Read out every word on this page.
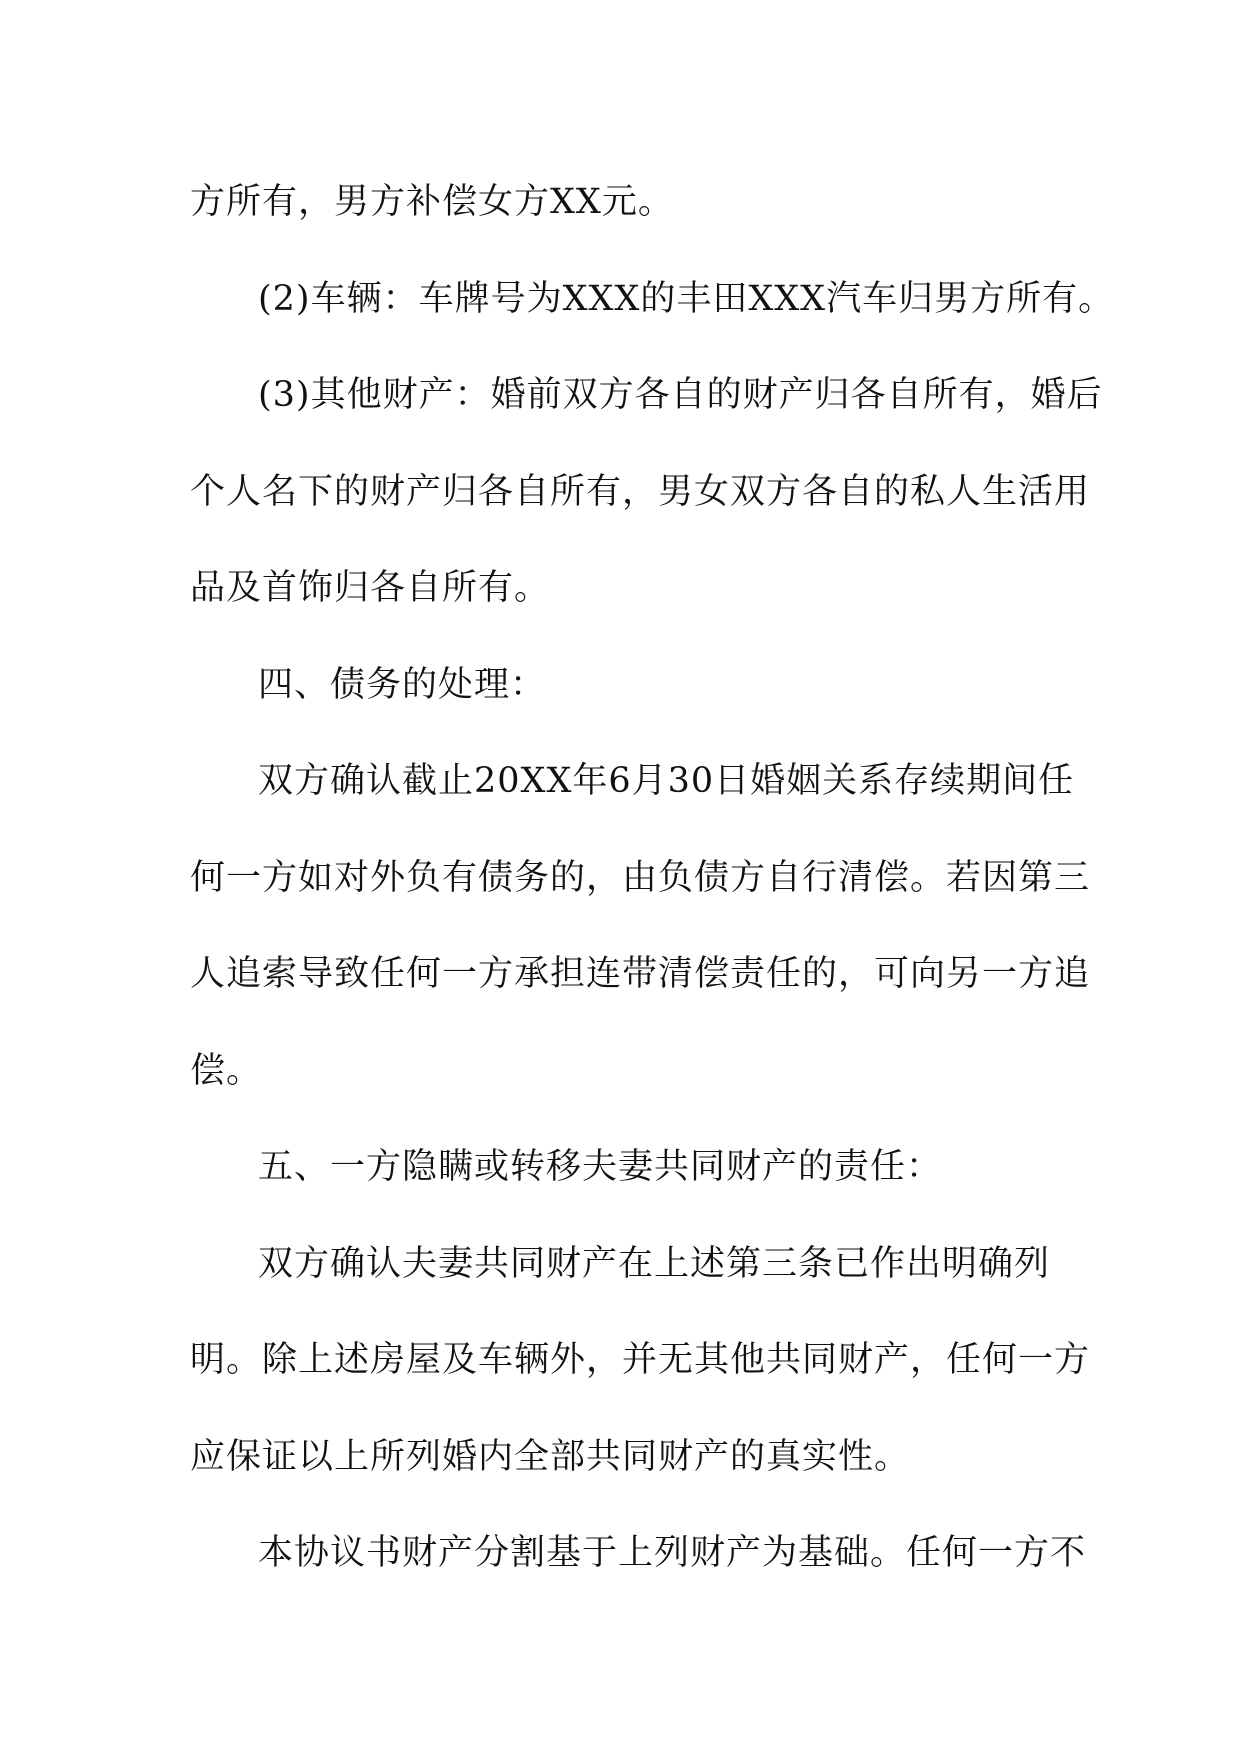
方所有，男方补偿女方XX元。
(2)车辆：车牌号为XXX的丰田XXX汽车归男方所有。
(3)其他财产：婚前双方各自的财产归各自所有，婚后
个人名下的财产归各自所有，男女双方各自的私人生活用
品及首饰归各自所有。
四、债务的处理：
双方确认截止20XX年6月30日婚姻关系存续期间任
何一方如对外负有债务的，由负债方自行清偿。若因第三
人追索导致任何一方承担连带清偿责任的，可向另一方追
偿。
五、一方隐瞒或转移夫妻共同财产的责任：
双方确认夫妻共同财产在上述第三条已作出明确列
明。除上述房屋及车辆外，并无其他共同财产，任何一方
应保证以上所列婚内全部共同财产的真实性。
本协议书财产分割基于上列财产为基础。任何一方不
